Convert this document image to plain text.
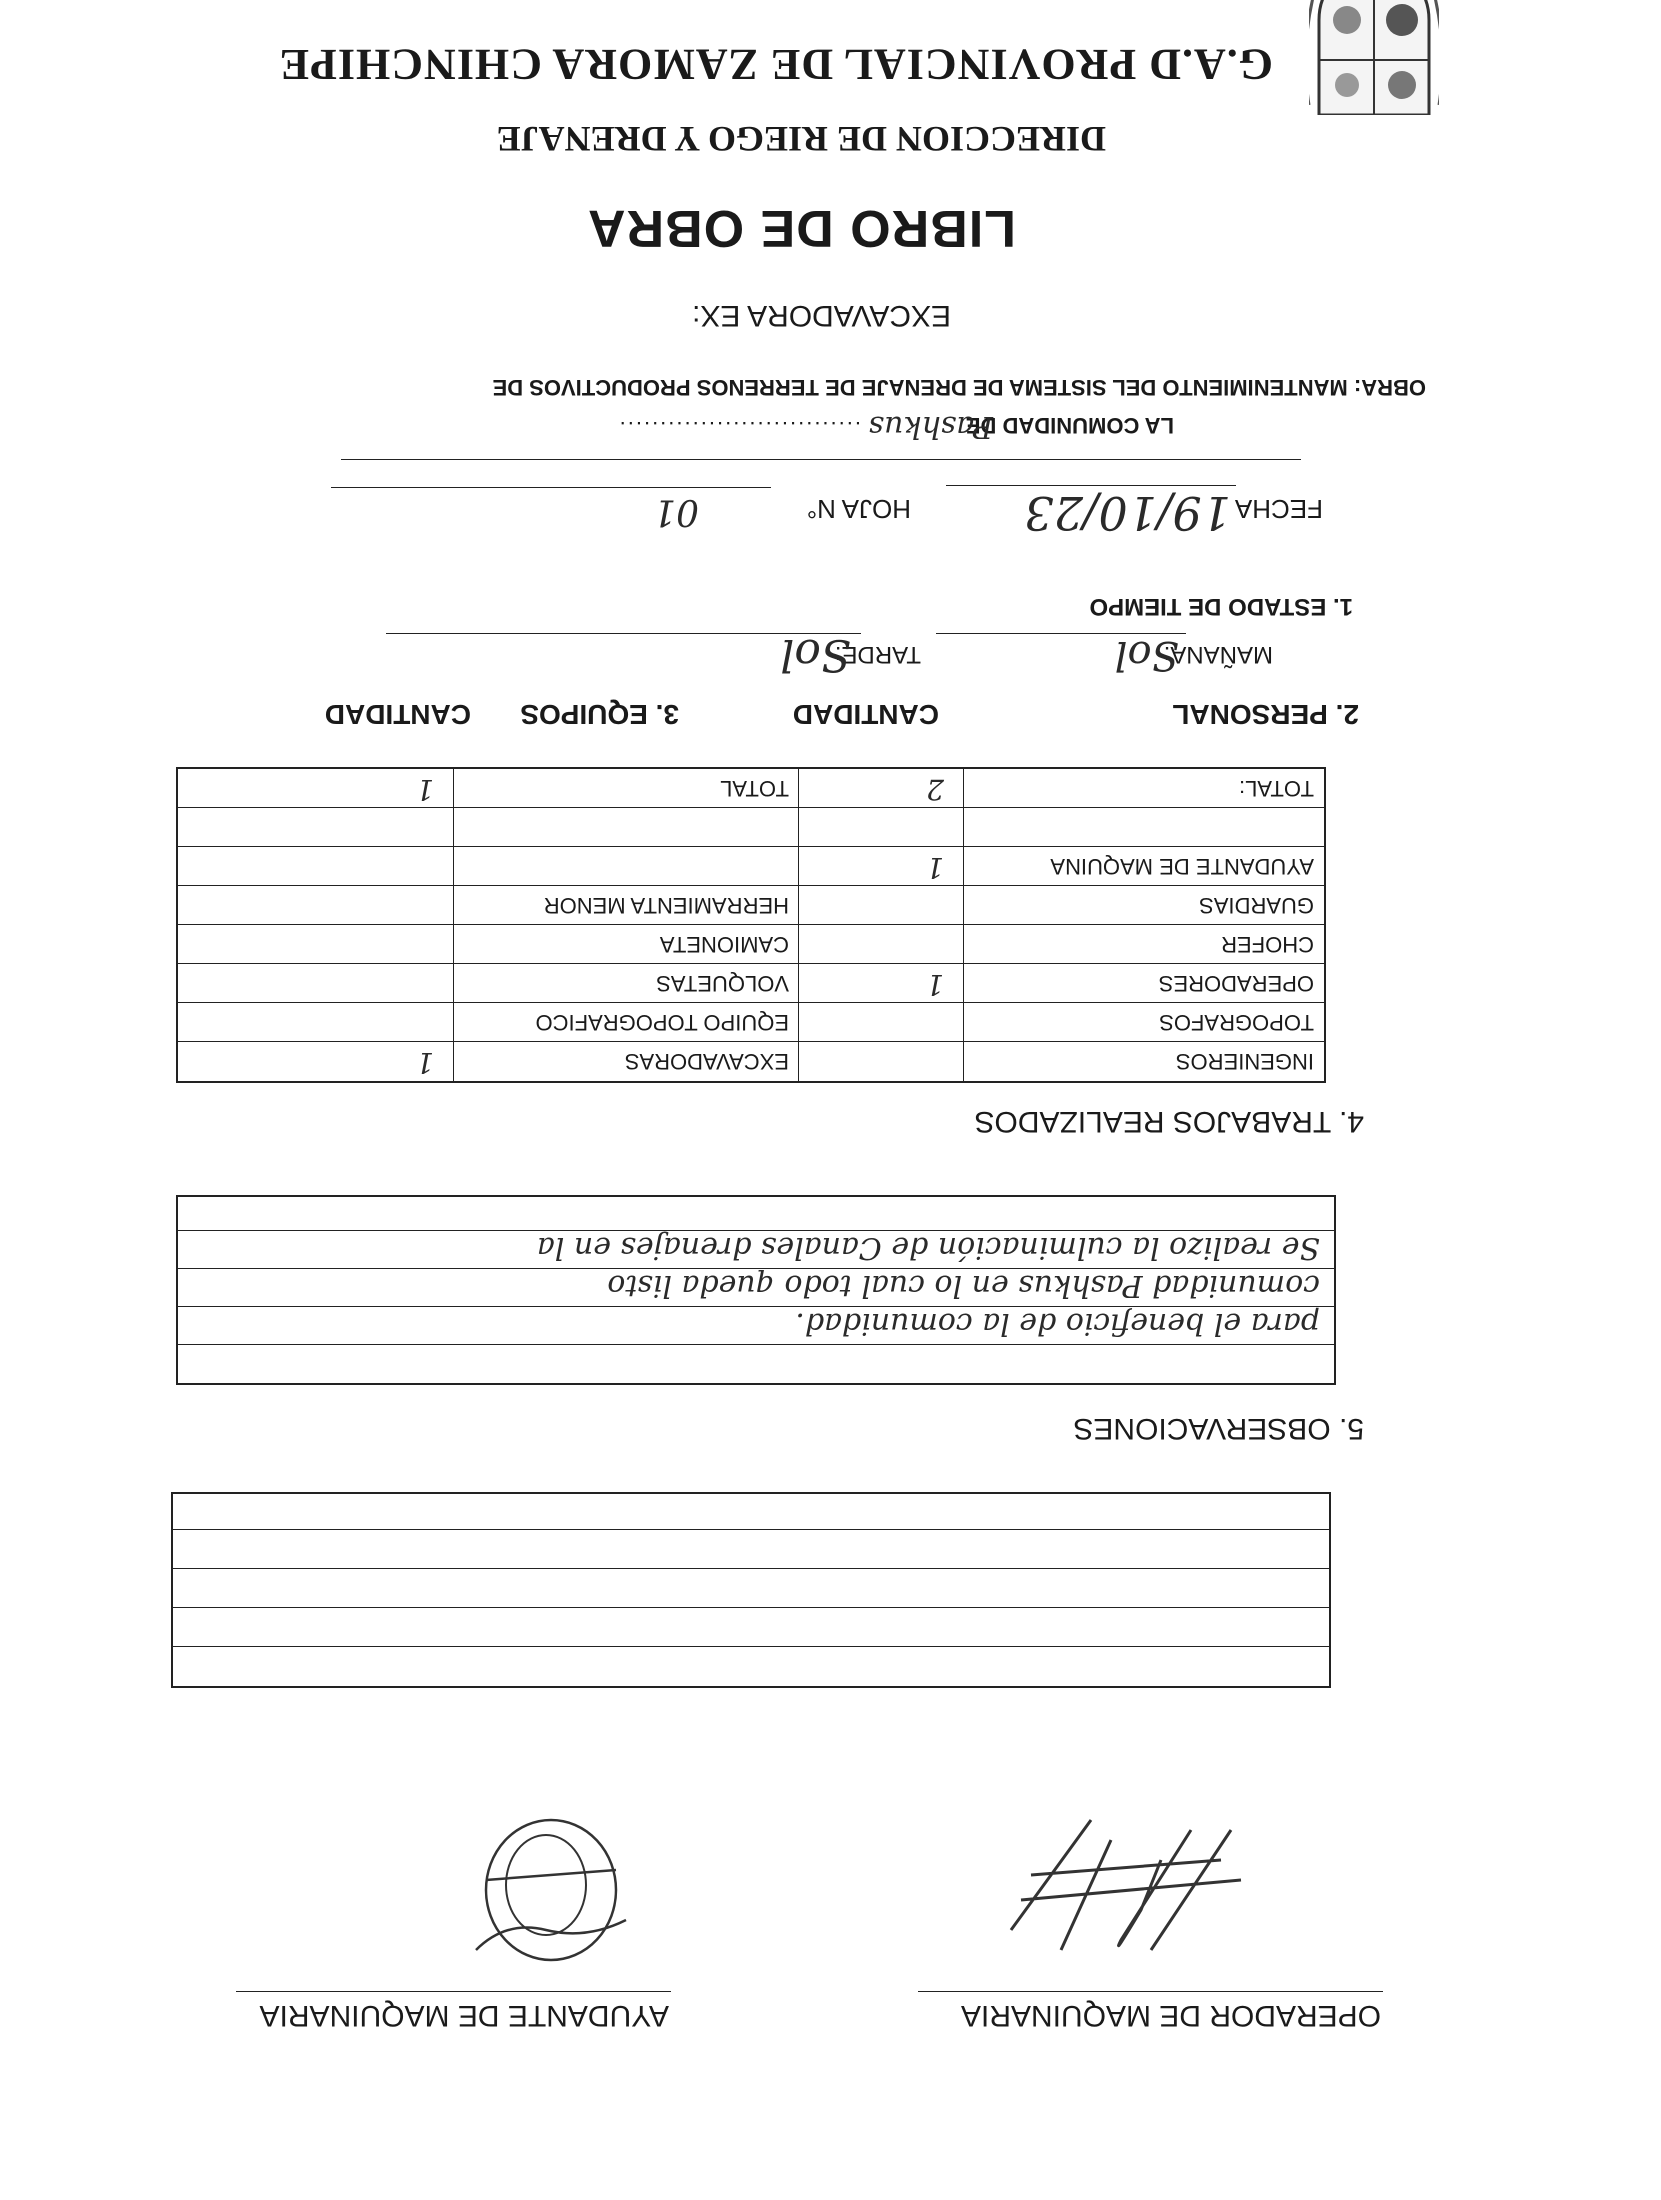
G.A.D PROVINCIAL DE ZAMORA CHINCHIPE
DIRECCION DE RIEGO Y DRENAJE
LIBRO DE OBRA
EXCAVADORA EX:
OBRA: MANTENIMIENTO DEL SISTEMA DE DRENAJE DE TERRENOS PRODUCTIVOS DE
LA COMUNIDAD DE
Pashkus
..............................
FECHA
19/10/23
HOJA N°
01
1. ESTADO DE TIEMPO
MAÑANA:
Sol
TARDE:
Sol
2. PERSONAL
CANTIDAD
3. EQUIPOS
CANTIDAD
INGENIEROS
EXCAVADORAS
1
TOPOGRAFOS
EQUIPO TOPOGRAFICO
OPERADORES
1
VOLQUETAS
CHOFER
CAMIONETA
GUARDIAS
HERRAMIENTA MENOR
AYUDANTE DE MAQUINA
1
TOTAL:
2
TOTAL
1
4. TRABAJOS REALIZADOS
Se realizo la culminación de Canales drenajes en la
comunidad Pashkus en lo cual todo queda listo
para el beneficio de la comunidad.
5. OBSERVACIONES
OPERADOR DE MAQUINARIA
AYUDANTE DE MAQUINARIA
